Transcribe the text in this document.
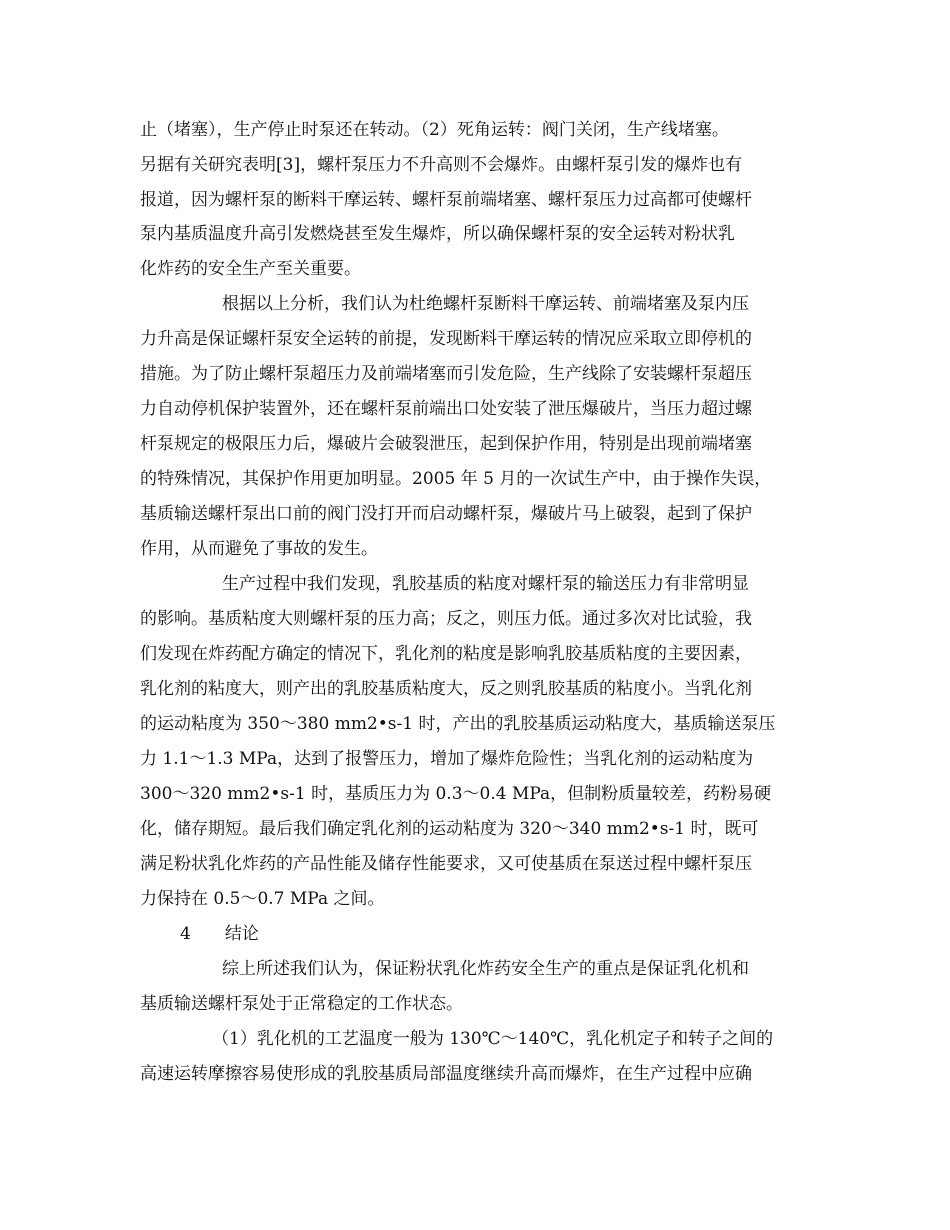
止（堵塞），生产停止时泵还在转动。（2）死角运转：阀门关闭，生产线堵塞。
另据有关研究表明[3]，螺杆泵压力不升高则不会爆炸。由螺杆泵引发的爆炸也有
报道，因为螺杆泵的断料干摩运转、螺杆泵前端堵塞、螺杆泵压力过高都可使螺杆
泵内基质温度升高引发燃烧甚至发生爆炸，所以确保螺杆泵的安全运转对粉状乳
化炸药的安全生产至关重要。
根据以上分析，我们认为杜绝螺杆泵断料干摩运转、前端堵塞及泵内压
力升高是保证螺杆泵安全运转的前提，发现断料干摩运转的情况应采取立即停机的
措施。为了防止螺杆泵超压力及前端堵塞而引发危险，生产线除了安装螺杆泵超压
力自动停机保护装置外，还在螺杆泵前端出口处安装了泄压爆破片，当压力超过螺
杆泵规定的极限压力后，爆破片会破裂泄压，起到保护作用，特别是出现前端堵塞
的特殊情况，其保护作用更加明显。2005 年 5 月的一次试生产中，由于操作失误，
基质输送螺杆泵出口前的阀门没打开而启动螺杆泵，爆破片马上破裂，起到了保护
作用，从而避免了事故的发生。
生产过程中我们发现，乳胶基质的粘度对螺杆泵的输送压力有非常明显
的影响。基质粘度大则螺杆泵的压力高；反之，则压力低。通过多次对比试验，我
们发现在炸药配方确定的情况下，乳化剂的粘度是影响乳胶基质粘度的主要因素，
乳化剂的粘度大，则产出的乳胶基质粘度大，反之则乳胶基质的粘度小。当乳化剂
的运动粘度为 350～380 mm2•s-1 时，产出的乳胶基质运动粘度大，基质输送泵压
力 1.1～1.3 MPa，达到了报警压力，增加了爆炸危险性；当乳化剂的运动粘度为
300～320 mm2•s-1 时，基质压力为 0.3～0.4 MPa，但制粉质量较差，药粉易硬
化，储存期短。最后我们确定乳化剂的运动粘度为 320～340 mm2•s-1 时，既可
满足粉状乳化炸药的产品性能及储存性能要求，又可使基质在泵送过程中螺杆泵压
力保持在 0.5～0.7 MPa 之间。
4　　结论
综上所述我们认为，保证粉状乳化炸药安全生产的重点是保证乳化机和
基质输送螺杆泵处于正常稳定的工作状态。
（1）乳化机的工艺温度一般为 130℃～140℃，乳化机定子和转子之间的
高速运转摩擦容易使形成的乳胶基质局部温度继续升高而爆炸，在生产过程中应确
